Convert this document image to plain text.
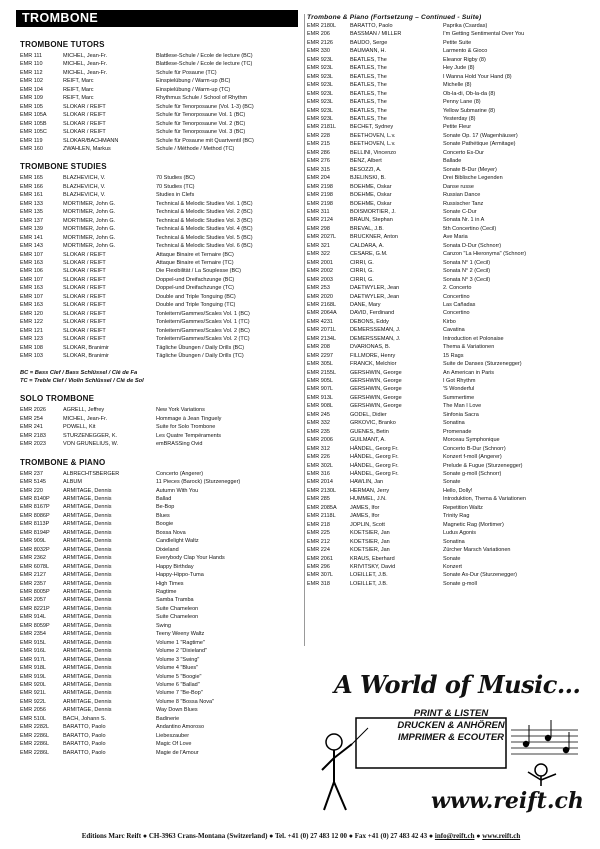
TROMBONE
TROMBONE TUTORS
EMR 111	MICHEL, Jean-Fr.	Blattlese-Schule / Ecole de lecture (BC)
EMR 110	MICHEL, Jean-Fr.	Blattlese-Schule / Ecole de lecture (TC)
EMR 112	MICHEL, Jean-Fr.	Schule für Posaune (TC)
EMR 102	REIFT, Marc	Einspielübung / Warm-up (BC)
EMR 104	REIFT, Marc	Einspielübung / Warm-up (TC)
EMR 109	REIFT, Marc	Rhythmus Schule / School of Rhythm
EMR 105	SLOKAR / REIFT	Schule für Tenorposaune (Vol. 1-3) (BC)
EMR 105A	SLOKAR / REIFT	Schule für Tenorposaune Vol. 1 (BC)
EMR 105B	SLOKAR / REIFT	Schule für Tenorposaune Vol. 2 (BC)
EMR 105C	SLOKAR / REIFT	Schule für Tenorposaune Vol. 3 (BC)
EMR 119	SLOKAR/BACHMANN	Schule für Posaune mit Quartventil (BC)
EMR 160	ZWAHLEN, Markus	Schule / Méthode / Method (TC)
TROMBONE STUDIES
EMR 165	BLAZHEVICH, V.	70 Studies (BC)
EMR 166	BLAZHEVICH, V.	70 Studies (TC)
EMR 161	BLAZHEVICH, V.	Studies in Clefs
EMR 133	MORTIMER, John G.	Technical & Melodic Studies Vol. 1 (BC)
EMR 135	MORTIMER, John G.	Technical & Melodic Studies Vol. 2 (BC)
EMR 137	MORTIMER, John G.	Technical & Melodic Studies Vol. 3 (BC)
EMR 139	MORTIMER, John G.	Technical & Melodic Studies Vol. 4 (BC)
EMR 141	MORTIMER, John G.	Technical & Melodic Studies Vol. 5 (BC)
EMR 143	MORTIMER, John G.	Technical & Melodic Studies Vol. 6 (BC)
EMR 107	SLOKAR / REIFT	Attaque Binaire et Ternaire (BC)
EMR 163	SLOKAR / REIFT	Attaque Binaire et Ternaire (TC)
EMR 106	SLOKAR / REIFT	Die Flexibilität / La Souplesse (BC)
EMR 107	SLOKAR / REIFT	Doppel-und Dreifachzunge (BC)
EMR 163	SLOKAR / REIFT	Doppel-und Dreifachzunge (TC)
EMR 107	SLOKAR / REIFT	Double and Triple Tonguing (BC)
EMR 163	SLOKAR / REIFT	Double and Triple Tonguing (TC)
EMR 120	SLOKAR / REIFT	Tonleitern/Gammes/Scales Vol. 1 (BC)
EMR 122	SLOKAR / REIFT	Tonleitern/Gammes/Scales Vol. 1 (TC)
EMR 121	SLOKAR / REIFT	Tonleitern/Gammes/Scales Vol. 2 (BC)
EMR 123	SLOKAR / REIFT	Tonleitern/Gammes/Scales Vol. 2 (TC)
EMR 108	SLOKAR, Branimir	Tägliche Übungen / Daily Drills (BC)
EMR 103	SLOKAR, Branimir	Tägliche Übungen / Daily Drills (TC)
BC = Bass Clef / Bass Schlüssel / Clé de Fa
TC = Treble Clef / Violin Schlüssel / Clé de Sol
SOLO TROMBONE
EMR 2026	AGRELL, Jeffrey	New York Variations
EMR 254	MICHEL, Jean-Fr.	Hommage à Jean Tinguely
EMR 241	POWELL, Kit	Suite for Solo Trombone
EMR 2183	STURZENEGGER, K.	Les Quatre Tempéraments
EMR 2023	VON GRUNELIUS, W.	emBRASSing Ovid
TROMBONE & PIANO
EMR 237	ALBRECHTSBERGER	Concerto (Angerer)
EMR 5145	ALBUM	11 Pieces (Barock) (Sturzenegger)
EMR 220	ARMITAGE, Dennis	Autumn With You
EMR 8140P	ARMITAGE, Dennis	Ballad
EMR 8167P	ARMITAGE, Dennis	Be-Bop
EMR 8086P	ARMITAGE, Dennis	Blues
EMR 8113P	ARMITAGE, Dennis	Boogie
EMR 8194P	ARMITAGE, Dennis	Bossa Nova
EMR 909L	ARMITAGE, Dennis	Candlelight Waltz
EMR 8032P	ARMITAGE, Dennis	Dixieland
EMR 2362	ARMITAGE, Dennis	Everybody Clap Your Hands
EMR 6078L	ARMITAGE, Dennis	Happy Birthday
EMR 2127	ARMITAGE, Dennis	Happy-Hippo-Tuma
EMR 2357	ARMITAGE, Dennis	High Times
EMR 8005P	ARMITAGE, Dennis	Ragtime
EMR 2057	ARMITAGE, Dennis	Samba Tramba
EMR 8221P	ARMITAGE, Dennis	Suite Chameleon
EMR 914L	ARMITAGE, Dennis	Suite Chameleon
EMR 8059P	ARMITAGE, Dennis	Swing
EMR 2354	ARMITAGE, Dennis	Teeny Weeny Waltz
EMR 915L	ARMITAGE, Dennis	Volume 1 "Ragtime"
EMR 916L	ARMITAGE, Dennis	Volume 2 "Dixieland"
EMR 917L	ARMITAGE, Dennis	Volume 3 "Swing"
EMR 918L	ARMITAGE, Dennis	Volume 4 "Blues"
EMR 919L	ARMITAGE, Dennis	Volume 5 "Boogie"
EMR 920L	ARMITAGE, Dennis	Volume 6 "Ballad"
EMR 921L	ARMITAGE, Dennis	Volume 7 "Be-Bop"
EMR 922L	ARMITAGE, Dennis	Volume 8 "Bossa Nova"
EMR 2056	ARMITAGE, Dennis	Way Down Blues
EMR 510L	BACH, Johann S.	Badinerie
EMR 2282L	BARATTO, Paolo	Andantino Amoroso
EMR 2286L	BARATTO, Paolo	Liebeszauber
EMR 2286L	BARATTO, Paolo	Magic Of Love
EMR 2286L	BARATTO, Paolo	Magie de l'Amour
Trombone & Piano (Fortsetzung – Continued - Suite)
EMR 2180L	BARATTO, Paolo	Paprika (Csardas)
EMR 206	BASSMAN / MILLER	I'm Getting Sentimental Over You
EMR 2126	BAUDO, Serge	Petite Suite
EMR 330	BAUMANN, H.	Larmento & Gioco
EMR 923L	BEATLES, The	Eleanor Rigby (8)
EMR 923L	BEATLES, The	Hey Jude (8)
EMR 923L	BEATLES, The	I Wanna Hold Your Hand (8)
EMR 923L	BEATLES, The	Michelle (8)
EMR 923L	BEATLES, The	Ob-la-di, Ob-la-da (8)
EMR 923L	BEATLES, The	Penny Lane (8)
EMR 923L	BEATLES, The	Yellow Submarine (8)
EMR 923L	BEATLES, The	Yesterday (8)
EMR 2181L	BECHET, Sydney	Petite Fleur
EMR 228	BEETHOVEN, L.v.	Sonate Op. 17 (Wagenhäuser)
EMR 215	BEETHOVEN, L.v.	Sonate Pathétique (Armitage)
EMR 286	BELLINI, Vincenzo	Concerto Es-Dur
EMR 276	BENZ, Albert	Ballade
EMR 315	BESOZZI, A.	Sonate B-Dur (Meyer)
EMR 204	BJELINSKI, B.	Drei Biblische Legenden
EMR 2198	BOEHME, Oskar	Danse russe
EMR 2198	BOEHME, Oskar	Russian Dance
EMR 2198	BOEHME, Oskar	Russischer Tanz
EMR 311	BOISMORTIER, J.	Sonate C-Dur
EMR 2124	BRAUN, Stephan	Sonata Nr. 1 in A
EMR 298	BREVAL, J.B.	5th Concertino (Cecil)
EMR 2027L	BRUCKNER, Anton	Ave Maria
EMR 321	CALDARA, A.	Sonata D-Dur (Schnorr)
EMR 322	CESARE, G.M.	Canzon "La Hieronyma" (Schnorr)
EMR 2001	CIRRI, G.	Sonata N° 1 (Cecil)
EMR 2002	CIRRI, G.	Sonata N° 2 (Cecil)
EMR 2003	CIRRI, G.	Sonata N° 3 (Cecil)
EMR 253	DAETWYLER, Jean	2. Concerto
EMR 2020	DAETWYLER, Jean	Concertino
EMR 2168L	DANE, Mary	Las Cañadas
EMR 2064A	DAVID, Ferdinand	Concertino
EMR 4231	DEBONS, Eddy	Kirbo
EMR 2071L	DEMERSSEMAN, J.	Cavatina
EMR 2134L	DEMERSSEMAN, J.	Introduction et Polonaise
EMR 208	DVARIONAS, B.	Thema & Variationen
EMR 2297	FILLMORE, Henry	15 Rags
EMR 305L	FRANCK, Melchior	Suite de Danses (Sturzenegger)
EMR 2155L	GERSHWIN, George	An American in Paris
EMR 905L	GERSHWIN, George	I Got Rhythm
EMR 907L	GERSHWIN, George	'S Wonderful
EMR 913L	GERSHWIN, George	Summertime
EMR 908L	GERSHWIN, George	The Man I Love
EMR 245	GODEL, Didier	Sinfonia Sacra
EMR 332	GRKOVIC, Branko	Sonatina
EMR 235	GUENES, Betin	Promenade
EMR 2006	GUILMANT, A.	Morceau Symphonique
EMR 312	HÄNDEL, Georg Fr.	Concerto B-Dur (Schnorr)
EMR 226	HÄNDEL, Georg Fr.	Konzert f-moll (Angerer)
EMR 302L	HÄNDEL, Georg Fr.	Prelude & Fugue (Sturzenegger)
EMR 316	HÄNDEL, Georg Fr.	Sonate g-moll (Schnorr)
EMR 2014	HAWLIN, Jan	Sonate
EMR 2130L	HERMAN, Jerry	Hello, Dolly!
EMR 285	HUMMEL, J.N.	Introduktion, Thema & Variationen
EMR 2085A	JAMES, Ifor	Repetition Waltz
EMR 2118L	JAMES, Ifor	Trinity Rag
EMR 218	JOPLIN, Scott	Magnetic Rag (Mortimer)
EMR 225	KOETSIER, Jan	Ludus Agonis
EMR 212	KOETSIER, Jan	Sonatina
EMR 224	KOETSIER, Jan	Zürcher Marsch Variationen
EMR 2061	KRAUS, Eberhard	Sonate
EMR 296	KRIVITSKY, David	Konzert
EMR 307L	LOEILLET, J.B.	Sonate As-Dur (Sturzenegger)
EMR 318	LOEILLET, J.B.	Sonate g-moll
A World of Music...
PRINT & LISTEN
DRUCKEN & ANHÖREN
IMPRIMER & ECOUTER
www.reift.ch
Editions Marc Reift ● CH-3963 Crans-Montana (Switzerland) ● Tel. +41 (0) 27 483 12 00 ● Fax +41 (0) 27 483 42 43 ● info@reift.ch ● www.reift.ch
